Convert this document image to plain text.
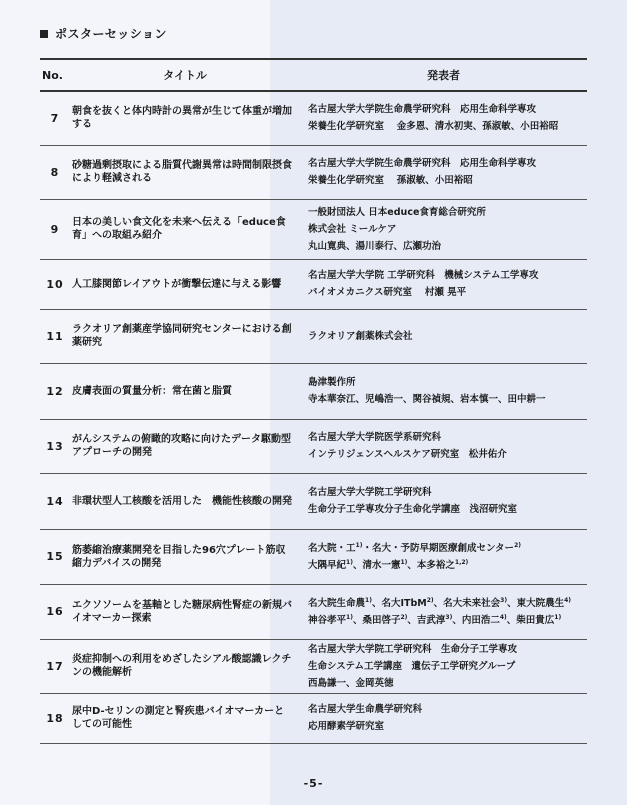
ポスターセッション
No.	タイトル	発表者
7	朝食を抜くと体内時計の異常が生じて体重が増加する	名古屋大学大学院生命農学研究科　応用生命科学専攻
栄養生化学研究室　 金多恩、清水初実、孫淑敏、小田裕昭

8	砂糖過剰摂取による脂質代謝異常は時間制限摂食により軽減される	名古屋大学大学院生命農学研究科　応用生命科学専攻
栄養生化学研究室　 孫淑敏、小田裕昭

9	日本の美しい食文化を未来へ伝える「educe食育」への取組み紹介	一般財団法人 日本educe食育総合研究所
株式会社 ミールケア
丸山寛典、湯川泰行、広瀬功治

10	人工膝関節レイアウトが衝撃伝達に与える影響	名古屋大学大学院 工学研究科　機械システム工学専攻
バイオメカニクス研究室　 村瀬 晃平

11	ラクオリア創薬産学協同研究センターにおける創薬研究	ラクオリア創薬株式会社

12	皮膚表面の質量分析：常在菌と脂質	島津製作所
寺本華奈江、児嶋浩一、関谷禎規、岩本慎一、田中耕一

13	がんシステムの俯瞰的攻略に向けたデータ駆動型アプローチの開発	名古屋大学大学院医学系研究科
インテリジェンスヘルスケア研究室　松井佑介

14	非環状型人工核酸を活用した　機能性核酸の開発	名古屋大学大学院工学研究科
生命分子工学専攻分子生命化学講座　浅沼研究室

15	筋萎縮治療薬開発を目指した96穴プレート筋収縮力デバイスの開発	名大院・工$^{1)}$・名大・予防早期医療創成センター$^{2)}$
大隅早紀$^{1)}$、清水一憲$^{1)}$、本多裕之$^{1,2)}$

16	エクソソームを基軸とした糖尿病性腎症の新規バイオマーカー探索	名大院生命農$^{1)}$、名大ITbM$^{2)}$、名大未来社会$^{3)}$、東大院農生$^{4)}$
神谷孝平$^{1)}$、桑田啓子$^{2)}$、吉武淳$^{3)}$、内田浩二$^{4)}$、柴田貴広$^{1)}$

17	炎症抑制への利用をめざしたシアル酸認識レクチンの機能解析	名古屋大学大学院工学研究科　生命分子工学専攻
生命システム工学講座　遺伝子工学研究グループ
西島謙一、金岡英徳

18	尿中D-セリンの測定と腎疾患バイオマーカーとしての可能性	名古屋大学生命農学研究科
応用酵素学研究室
-5-
